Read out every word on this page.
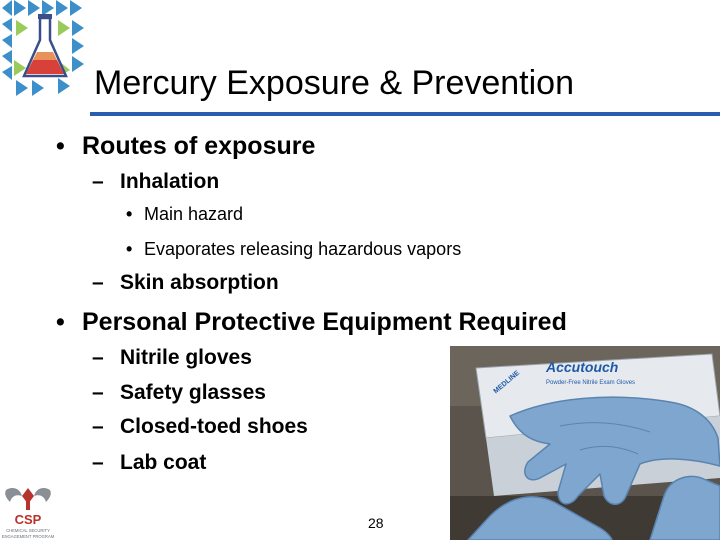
Mercury Exposure & Prevention
• Routes of exposure
– Inhalation
• Main hazard
• Evaporates releasing hazardous vapors
– Skin absorption
• Personal Protective Equipment Required
– Nitrile gloves
– Safety glasses
– Closed-toed shoes
– Lab coat
Accutouch
Powder-Free Nitrile Exam Gloves
MEDLINE
CSP
CHEMICAL SECURITY
ENGAGEMENT PROGRAM
28
